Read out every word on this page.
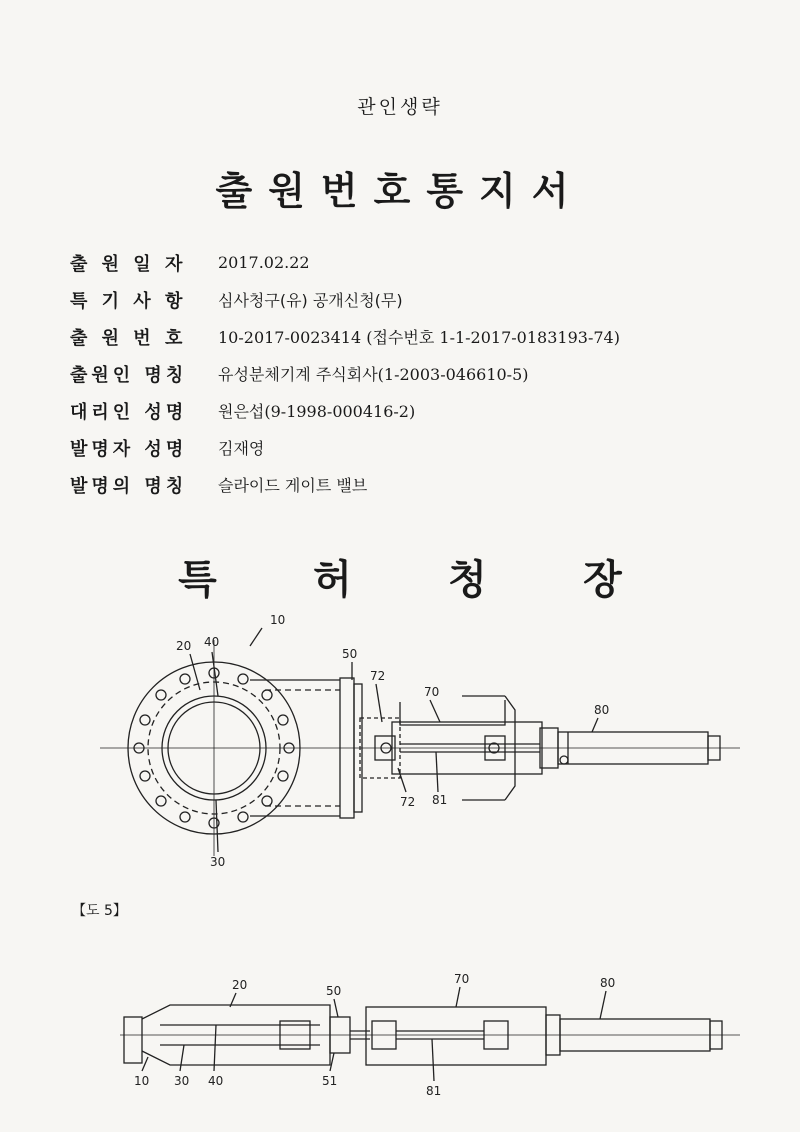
관인생략
출원번호통지서
출 원 일 자	2017.02.22
특 기 사 항	심사청구(유) 공개신청(무)
출 원 번 호	10-2017-0023414 (접수번호 1-1-2017-0183193-74)
출원인 명칭	유성분체기계 주식회사(1-2003-046610-5)
대리인 성명	원은섭(9-1998-000416-2)
발명자 성명	김재영
발명의 명칭	슬라이드 게이트 밸브
특 허 청 장
10
20 40
50
72
70
80
72 81
30
【도 5】
20	50
70	80
10 30 40	51
81
